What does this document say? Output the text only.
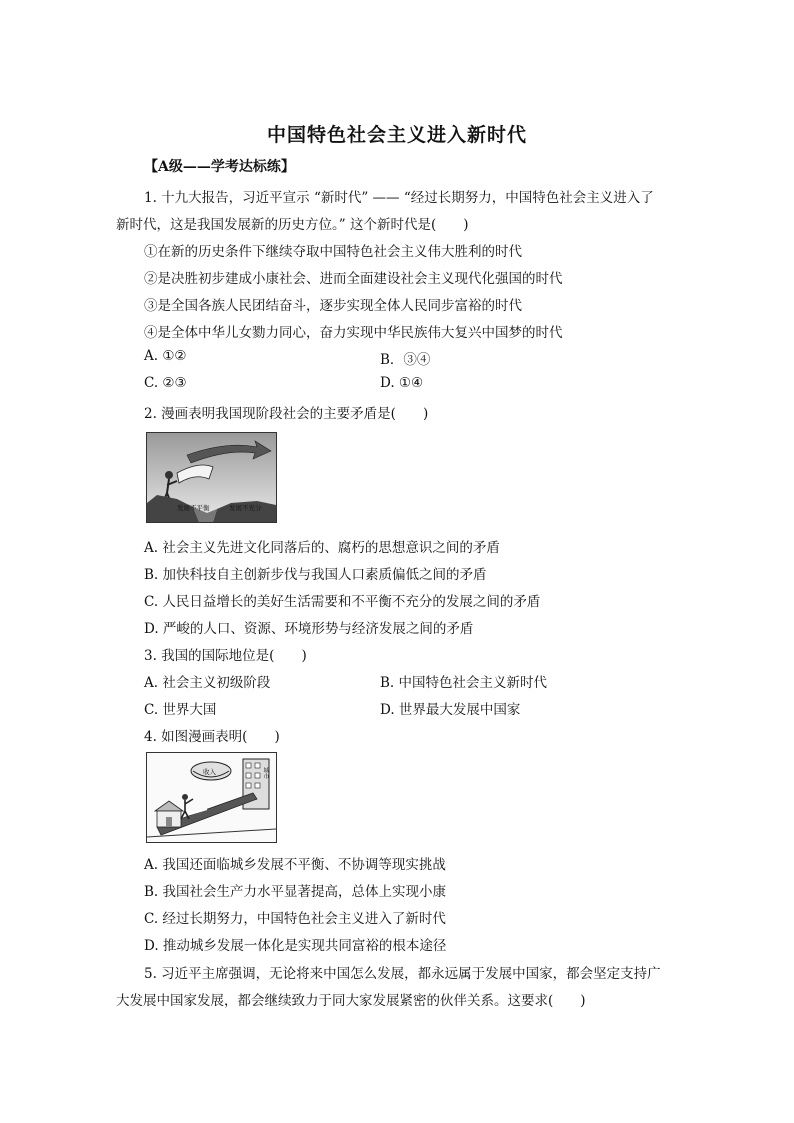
中国特色社会主义进入新时代
【A级——学考达标练】
1. 十九大报告，习近平宣示 “新时代” —— “经过长期努力，中国特色社会主义进入了
新时代，这是我国发展新的历史方位。” 这个新时代是(　　)
①在新的历史条件下继续夺取中国特色社会主义伟大胜利的时代
②是决胜初步建成小康社会、进而全面建设社会主义现代化强国的时代
③是全国各族人民团结奋斗，逐步实现全体人民同步富裕的时代
④是全体中华儿女勠力同心，奋力实现中华民族伟大复兴中国梦的时代
A. ①②	B．③④
C. ②③	D. ①④
2. 漫画表明我国现阶段社会的主要矛盾是(　　)
发展不平衡	发展不充分
A. 社会主义先进文化同落后的、腐朽的思想意识之间的矛盾
B. 加快科技自主创新步伐与我国人口素质偏低之间的矛盾
C. 人民日益增长的美好生活需要和不平衡不充分的发展之间的矛盾
D. 严峻的人口、资源、环境形势与经济发展之间的矛盾
3. 我国的国际地位是(　　)
A. 社会主义初级阶段	B. 中国特色社会主义新时代
C. 世界大国	D. 世界最大发展中国家
4. 如图漫画表明(　　)
收入	城市
A. 我国还面临城乡发展不平衡、不协调等现实挑战
B. 我国社会生产力水平显著提高，总体上实现小康
C. 经过长期努力，中国特色社会主义进入了新时代
D. 推动城乡发展一体化是实现共同富裕的根本途径
5. 习近平主席强调，无论将来中国怎么发展，都永远属于发展中国家，都会坚定支持广
大发展中国家发展，都会继续致力于同大家发展紧密的伙伴关系。这要求(　　)
